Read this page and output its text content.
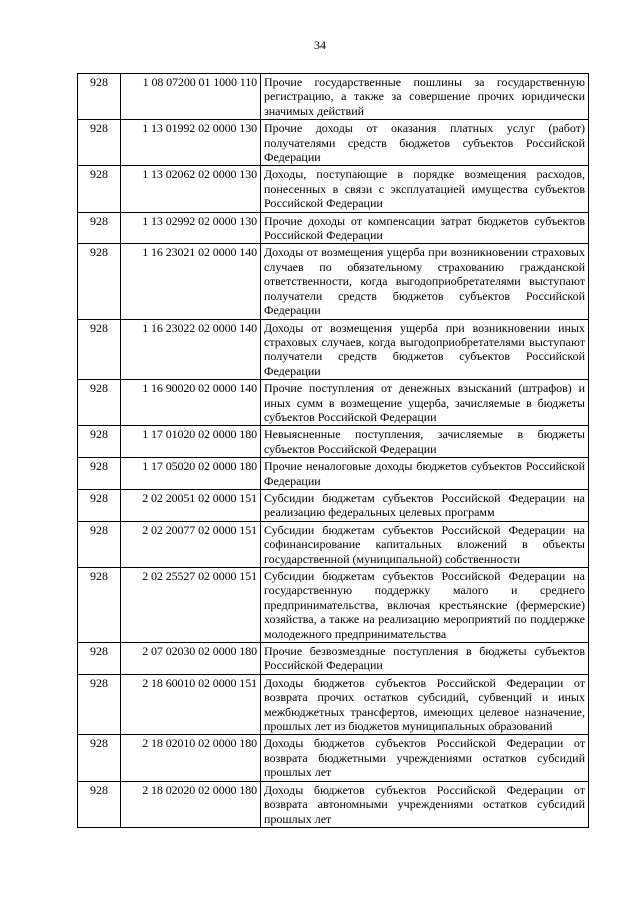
34
928	1 08 07200 01 1000 110	Прочие государственные пошлины за государственную регистрацию, а также за совершение прочих юридически значимых действий
928	1 13 01992 02 0000 130	Прочие доходы от оказания платных услуг (работ) получателями средств бюджетов субъектов Российской Федерации
928	1 13 02062 02 0000 130	Доходы, поступающие в порядке возмещения расходов, понесенных в связи с эксплуатацией имущества субъектов Российской Федерации
928	1 13 02992 02 0000 130	Прочие доходы от компенсации затрат бюджетов субъектов Российской Федерации
928	1 16 23021 02 0000 140	Доходы от возмещения ущерба при возникновении страховых случаев по обязательному страхованию гражданской ответственности, когда выгодоприобретателями выступают получатели средств бюджетов субъектов Российской Федерации
928	1 16 23022 02 0000 140	Доходы от возмещения ущерба при возникновении иных страховых случаев, когда выгодоприобретателями выступают получатели средств бюджетов субъектов Российской Федерации
928	1 16 90020 02 0000 140	Прочие поступления от денежных взысканий (штрафов) и иных сумм в возмещение ущерба, зачисляемые в бюджеты субъектов Российской Федерации
928	1 17 01020 02 0000 180	Невыясненные поступления, зачисляемые в бюджеты субъектов Российской Федерации
928	1 17 05020 02 0000 180	Прочие неналоговые доходы бюджетов субъектов Российской Федерации
928	2 02 20051 02 0000 151	Субсидии бюджетам субъектов Российской Федерации на реализацию федеральных целевых программ
928	2 02 20077 02 0000 151	Субсидии бюджетам субъектов Российской Федерации на софинансирование капитальных вложений в объекты государственной (муниципальной) собственности
928	2 02 25527 02 0000 151	Субсидии бюджетам субъектов Российской Федерации на государственную поддержку малого и среднего предпринимательства, включая крестьянские (фермерские) хозяйства, а также на реализацию мероприятий по поддержке молодежного предпринимательства
928	2 07 02030 02 0000 180	Прочие безвозмездные поступления в бюджеты субъектов Российской Федерации
928	2 18 60010 02 0000 151	Доходы бюджетов субъектов Российской Федерации от возврата прочих остатков субсидий, субвенций и иных межбюджетных трансфертов, имеющих целевое назначение, прошлых лет из бюджетов муниципальных образований
928	2 18 02010 02 0000 180	Доходы бюджетов субъектов Российской Федерации от возврата бюджетными учреждениями остатков субсидий прошлых лет
928	2 18 02020 02 0000 180	Доходы бюджетов субъектов Российской Федерации от возврата автономными учреждениями остатков субсидий прошлых лет
